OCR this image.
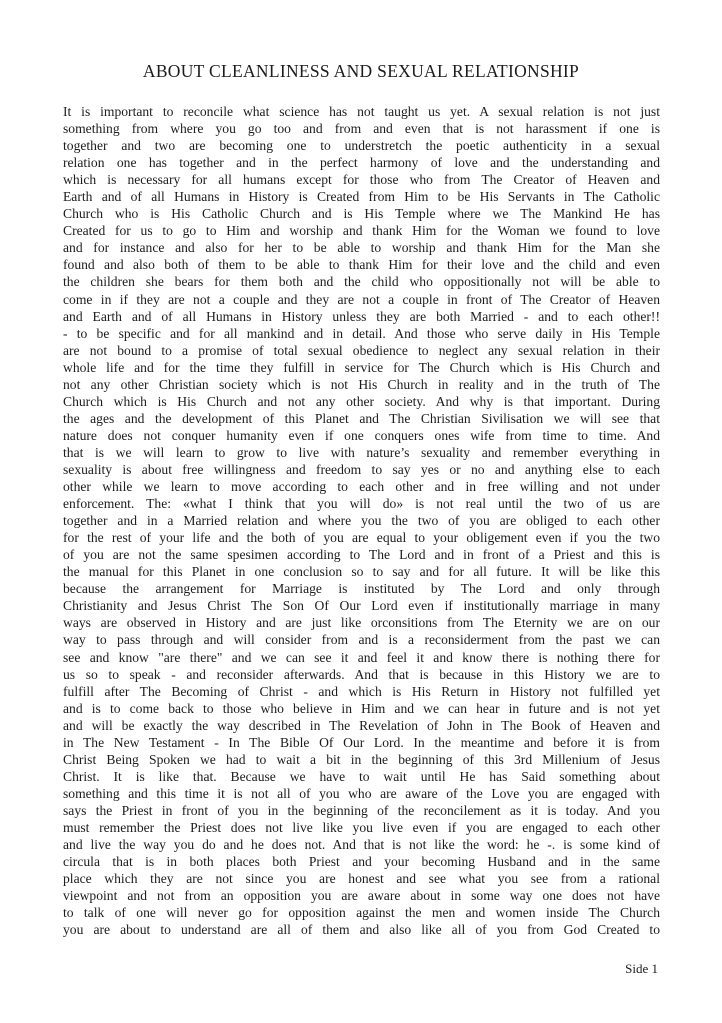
ABOUT CLEANLINESS AND SEXUAL RELATIONSHIP
It is important to reconcile what science has not taught us yet. A sexual relation is not just
something from where you go too and from and even that is not harassment if one is
together and two are becoming one to understretch the poetic authenticity in a sexual
relation one has together and in the perfect harmony of love and the understanding and
which is necessary for all humans except for those who from The Creator of Heaven and
Earth and of all Humans in History is Created from Him to be His Servants in The Catholic
Church who is His Catholic Church and is His Temple where we The Mankind He has
Created for us to go to Him and worship and thank Him for the Woman we found to love
and for instance and also for her to be able to worship and thank Him for the Man she
found and also both of them to be able to thank Him for their love and the child and even
the children she bears for them both and the child who oppositionally not will be able to
come in if they are not a couple and they are not a couple in front of The Creator of Heaven
and Earth and of all Humans in History unless they are both Married - and to each other!!
- to be specific and for all mankind and in detail. And those who serve daily in His Temple
are not bound to a promise of total sexual obedience to neglect any sexual relation in their
whole life and for the time they fulfill in service for The Church which is His Church and
not any other Christian society which is not His Church in reality and in the truth of The
Church which is His Church and not any other society. And why is that important. During
the ages and the development of this Planet and The Christian Sivilisation we will see that
nature does not conquer humanity even if one conquers ones wife from time to time. And
that is we will learn to grow to live with nature’s sexuality and remember everything in
sexuality is about free willingness and freedom to say yes or no and anything else to each
other while we learn to move according to each other and in free willing and not under
enforcement. The: «what I think that you will do» is not real until the two of us are
together and in a Married relation and where you the two of you are obliged to each other
for the rest of your life and the both of you are equal to your obligement even if you the two
of you are not the same spesimen according to The Lord and in front of a Priest and this is
the manual for this Planet in one conclusion so to say and for all future. It will be like this
because the arrangement for Marriage is instituted by The Lord and only through
Christianity and Jesus Christ The Son Of Our Lord even if institutionally marriage in many
ways are observed in History and are just like orconsitions from The Eternity we are on our
way to pass through and will consider from and is a reconsiderment from the past we can
see and know "are there" and we can see it and feel it and know there is nothing there for
us so to speak - and reconsider afterwards. And that is because in this History we are to
fulfill after The Becoming of Christ - and which is His Return in History not fulfilled yet
and is to come back to those who believe in Him and we can hear in future and is not yet
and will be exactly the way described in The Revelation of John in The Book of Heaven and
in The New Testament - In The Bible Of Our Lord. In the meantime and before it is from
Christ Being Spoken we had to wait a bit in the beginning of this 3rd Millenium of Jesus
Christ. It is like that. Because we have to wait until He has Said something about
something and this time it is not all of you who are aware of the Love you are engaged with
says the Priest in front of you in the beginning of the reconcilement as it is today. And you
must remember the Priest does not live like you live even if you are engaged to each other
and live the way you do and he does not. And that is not like the word: he -. is some kind of
circula that is in both places both Priest and your becoming Husband and in the same
place which they are not since you are honest and see what you see from a rational
viewpoint and not from an opposition you are aware about in some way one does not have
to talk of one will never go for opposition against the men and women inside The Church
you are about to understand are all of them and also like all of you from God Created to
Side 1
